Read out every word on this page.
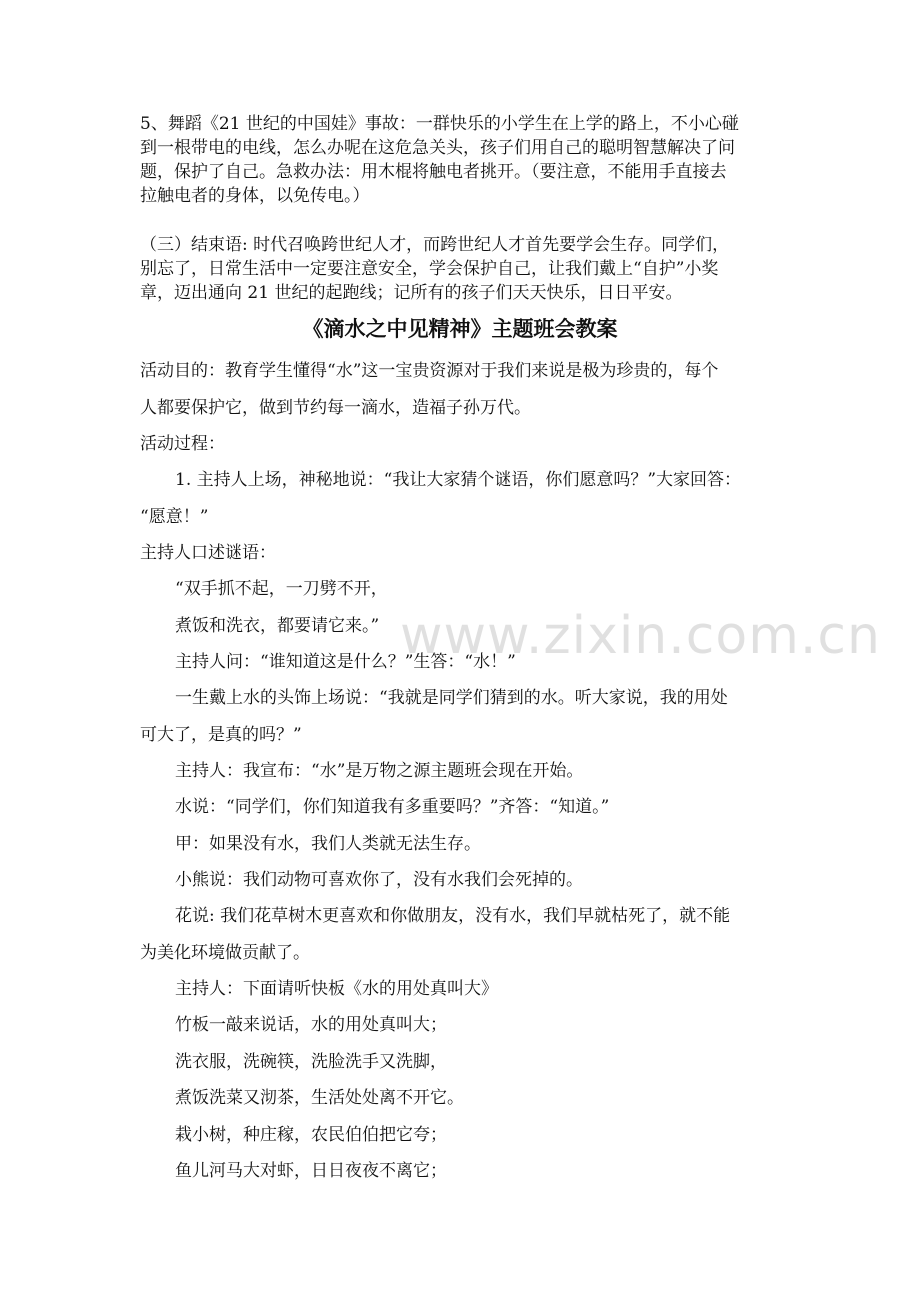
5、舞蹈《21 世纪的中国娃》事故：一群快乐的小学生在上学的路上，不小心碰
到一根带电的电线，怎么办呢在这危急关头，孩子们用自己的聪明智慧解决了问
题，保护了自己。急救办法：用木棍将触电者挑开。（要注意，不能用手直接去
拉触电者的身体，以免传电。）
（三）结束语: 时代召唤跨世纪人才，而跨世纪人才首先要学会生存。同学们，
别忘了，日常生活中一定要注意安全，学会保护自己，让我们戴上“自护”小奖
章，迈出通向 21 世纪的起跑线；记所有的孩子们天天快乐，日日平安。
《滴水之中见精神》主题班会教案
活动目的：教育学生懂得“水”这一宝贵资源对于我们来说是极为珍贵的，每个
人都要保护它，做到节约每一滴水，造福子孙万代。
活动过程：
1. 主持人上场，神秘地说：“我让大家猜个谜语，你们愿意吗？”大家回答：
“愿意！”
主持人口述谜语：
“双手抓不起，一刀劈不开，
煮饭和洗衣，都要请它来。”
主持人问：“谁知道这是什么？”生答：“水！”
一生戴上水的头饰上场说：“我就是同学们猜到的水。听大家说，我的用处
可大了，是真的吗？”
主持人：我宣布：“水”是万物之源主题班会现在开始。
水说：“同学们，你们知道我有多重要吗？”齐答：“知道。”
甲：如果没有水，我们人类就无法生存。
小熊说：我们动物可喜欢你了，没有水我们会死掉的。
花说: 我们花草树木更喜欢和你做朋友，没有水，我们早就枯死了，就不能
为美化环境做贡献了。
主持人：下面请听快板《水的用处真叫大》
竹板一敲来说话，水的用处真叫大；
洗衣服，洗碗筷，洗脸洗手又洗脚，
煮饭洗菜又沏茶，生活处处离不开它。
栽小树，种庄稼，农民伯伯把它夸；
鱼儿河马大对虾，日日夜夜不离它；
www.zixin.com.cn
